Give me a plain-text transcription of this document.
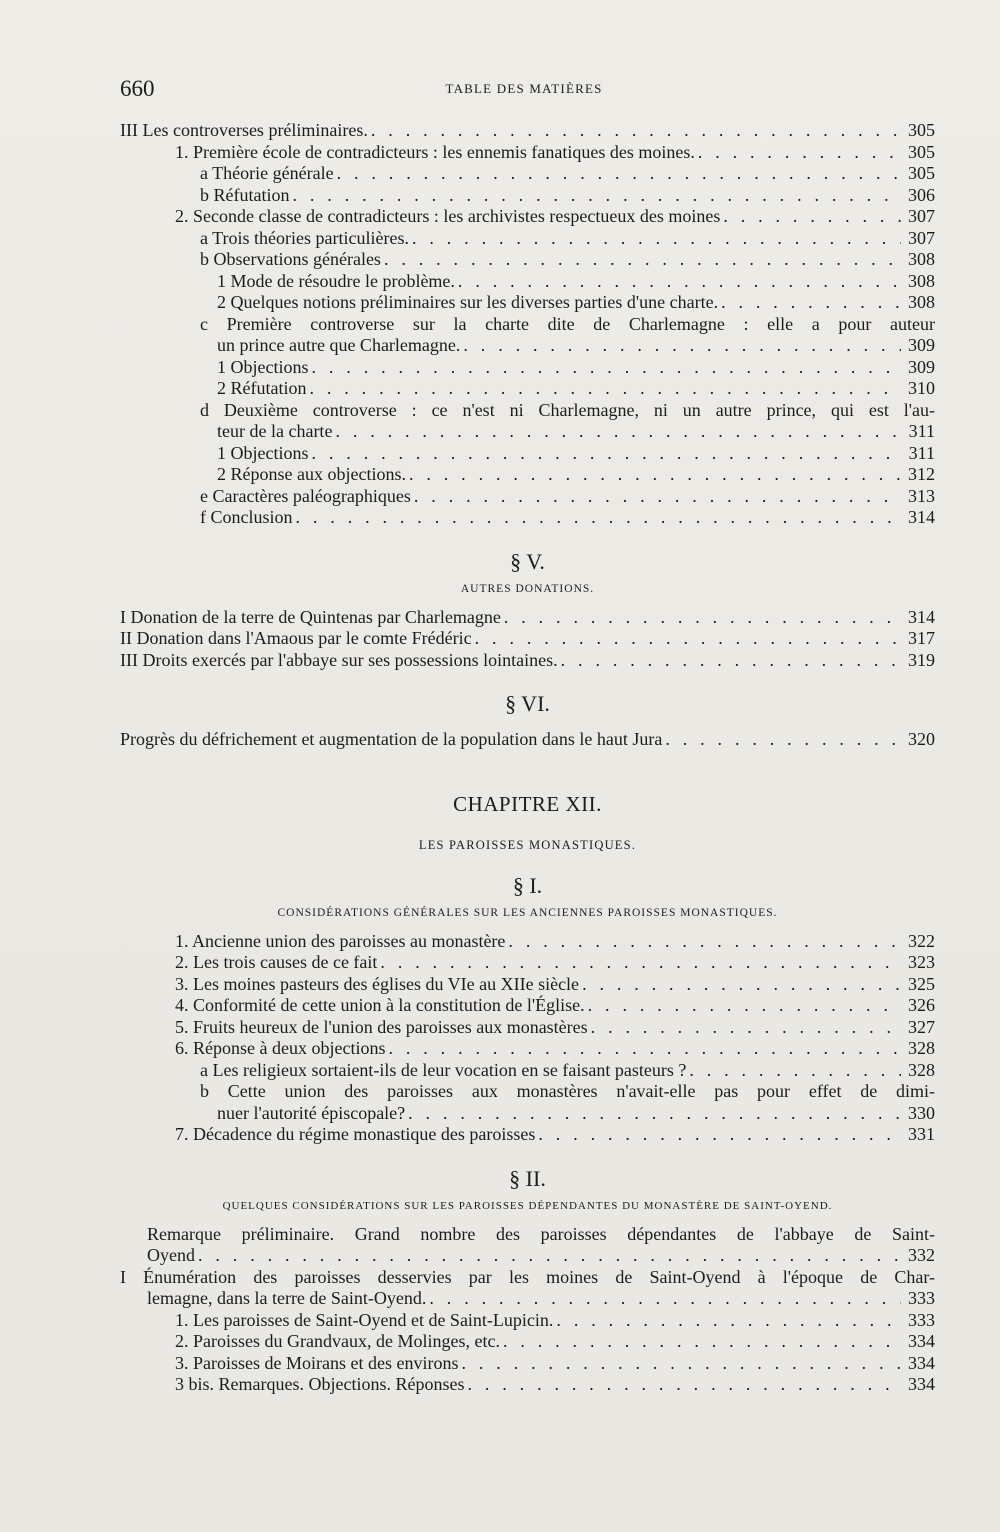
660	TABLE DES MATIÈRES
III Les controverses préliminaires. . . .	305
1. Première école de contradicteurs : les ennemis fanatiques des moines. . . .	305
a Théorie générale . . .	305
b Réfutation . . .	306
2. Seconde classe de contradicteurs : les archivistes respectueux des moines . . .	307
a Trois théories particulières. . . .	307
b Observations générales . . .	308
1 Mode de résoudre le problème. . . .	308
2 Quelques notions préliminaires sur les diverses parties d'une charte. . . .	308
c Première controverse sur la charte dite de Charlemagne : elle a pour auteur
un prince autre que Charlemagne. . . .	309
1 Objections . . .	309
2 Réfutation . . .	310
d Deuxième controverse : ce n'est ni Charlemagne, ni un autre prince, qui est l'au-
teur de la charte . . .	311
1 Objections . . .	311
2 Réponse aux objections. . . .	312
e Caractères paléographiques . . .	313
f Conclusion . . .	314
§ V.
AUTRES DONATIONS.
I Donation de la terre de Quintenas par Charlemagne . . .	314
II Donation dans l'Amaous par le comte Frédéric . . .	317
III Droits exercés par l'abbaye sur ses possessions lointaines. . . .	319
§ VI.
Progrès du défrichement et augmentation de la population dans le haut Jura . . .	320
CHAPITRE XII.
LES PAROISSES MONASTIQUES.
§ I.
CONSIDÉRATIONS GÉNÉRALES SUR LES ANCIENNES PAROISSES MONASTIQUES.
1. Ancienne union des paroisses au monastère . . .	322
2. Les trois causes de ce fait . . .	323
3. Les moines pasteurs des églises du VIe au XIIe siècle . . .	325
4. Conformité de cette union à la constitution de l'Église. . . .	326
5. Fruits heureux de l'union des paroisses aux monastères . . .	327
6. Réponse à deux objections . . .	328
a Les religieux sortaient-ils de leur vocation en se faisant pasteurs ? . . .	328
b Cette union des paroisses aux monastères n'avait-elle pas pour effet de dimi-
nuer l'autorité épiscopale? . . .	330
7. Décadence du régime monastique des paroisses . . .	331
§ II.
QUELQUES CONSIDÉRATIONS SUR LES PAROISSES DÉPENDANTES DU MONASTÈRE DE SAINT-OYEND.
Remarque préliminaire. Grand nombre des paroisses dépendantes de l'abbaye de Saint-
Oyend . . .	332
I Énumération des paroisses desservies par les moines de Saint-Oyend à l'époque de Char-
lemagne, dans la terre de Saint-Oyend. . . .	333
1. Les paroisses de Saint-Oyend et de Saint-Lupicin. . . .	333
2. Paroisses du Grandvaux, de Molinges, etc. . . .	334
3. Paroisses de Moirans et des environs . . .	334
3 bis. Remarques. Objections. Réponses . . .	334
